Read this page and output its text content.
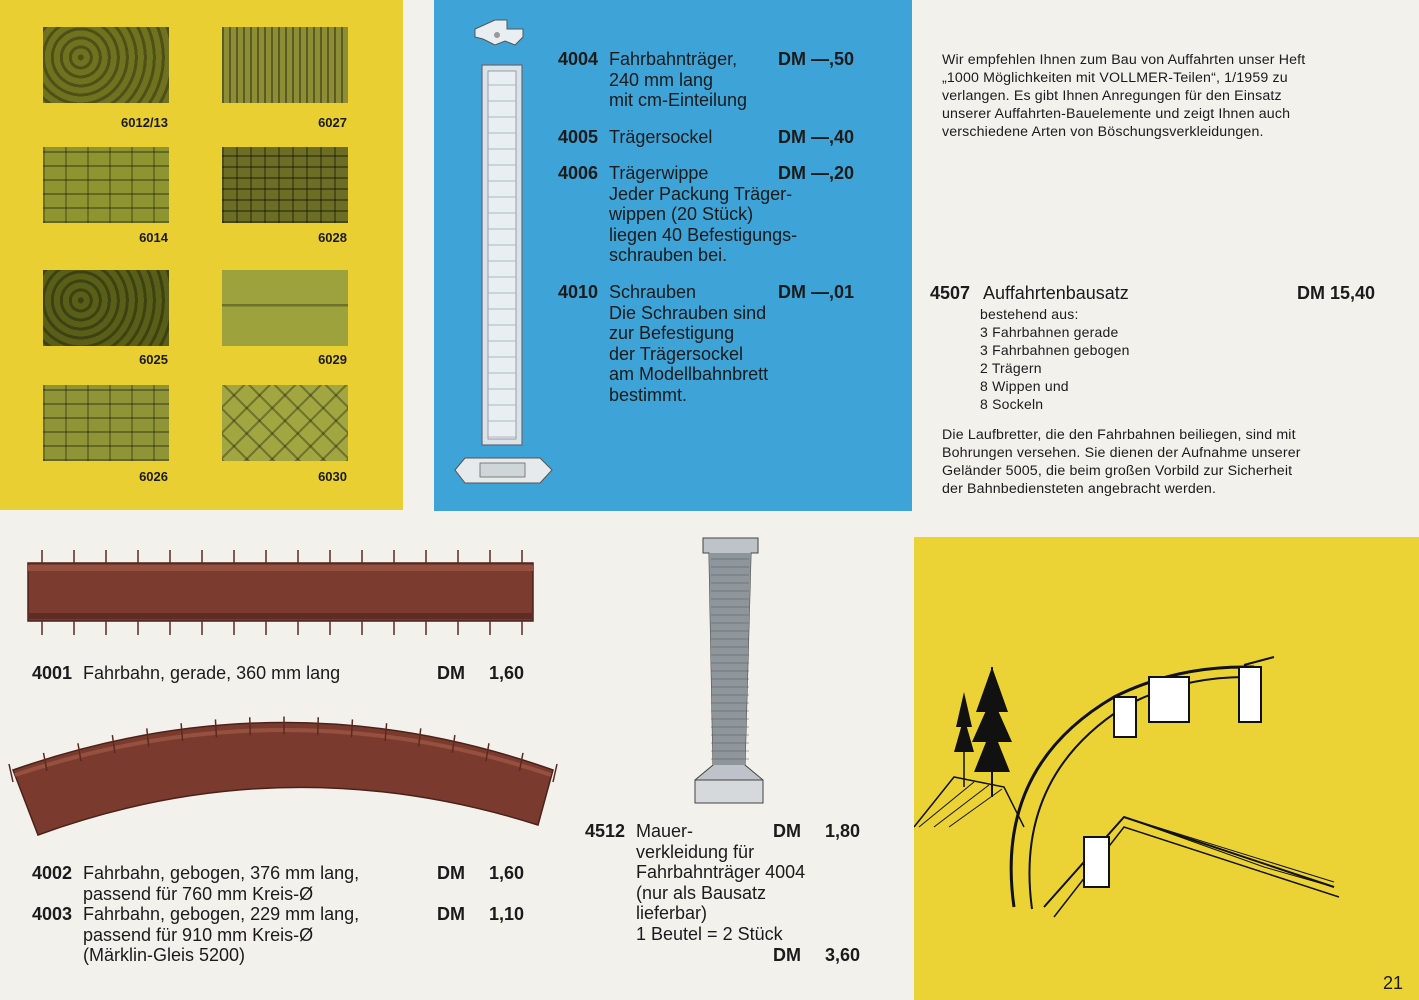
6012/13	6027
6014	6028
6025	6029
6026	6030
4004 Fahrbahnträger,
240 mm lang
mit cm-Einteilung
DM —,50
4005 Trägersockel	DM —,40
4006 Trägerwippe
Jeder Packung Träger-
wippen (20 Stück)
liegen 40 Befestigungs-
schrauben bei.
DM —,20
4010 Schrauben
Die Schrauben sind
zur Befestigung
der Trägersockel
am Modellbahnbrett
bestimmt.
DM —,01
Wir empfehlen Ihnen zum Bau von Auffahrten unser Heft
„1000 Möglichkeiten mit VOLLMER-Teilen“, 1/1959 zu
verlangen. Es gibt Ihnen Anregungen für den Einsatz
unserer Auffahrten-Bauelemente und zeigt Ihnen auch
verschiedene Arten von Böschungsverkleidungen.
4507 Auffahrtenbausatz	DM 15,40
bestehend aus:
3 Fahrbahnen gerade
3 Fahrbahnen gebogen
2 Trägern
8 Wippen und
8 Sockeln
Die Laufbretter, die den Fahrbahnen beiliegen, sind mit
Bohrungen versehen. Sie dienen der Aufnahme unserer
Geländer 5005, die beim großen Vorbild zur Sicherheit
der Bahnbediensteten angebracht werden.
4001 Fahrbahn, gerade, 360 mm lang	DM 1,60
4002 Fahrbahn, gebogen, 376 mm lang,
passend für 760 mm Kreis-Ø
DM 1,60
4003 Fahrbahn, gebogen, 229 mm lang,
passend für 910 mm Kreis-Ø
(Märklin-Gleis 5200)
DM 1,10
4512 Mauer-
verkleidung für
Fahrbahnträger 4004
(nur als Bausatz
lieferbar)
1 Beutel = 2 Stück
DM 1,80
DM 3,60
21
